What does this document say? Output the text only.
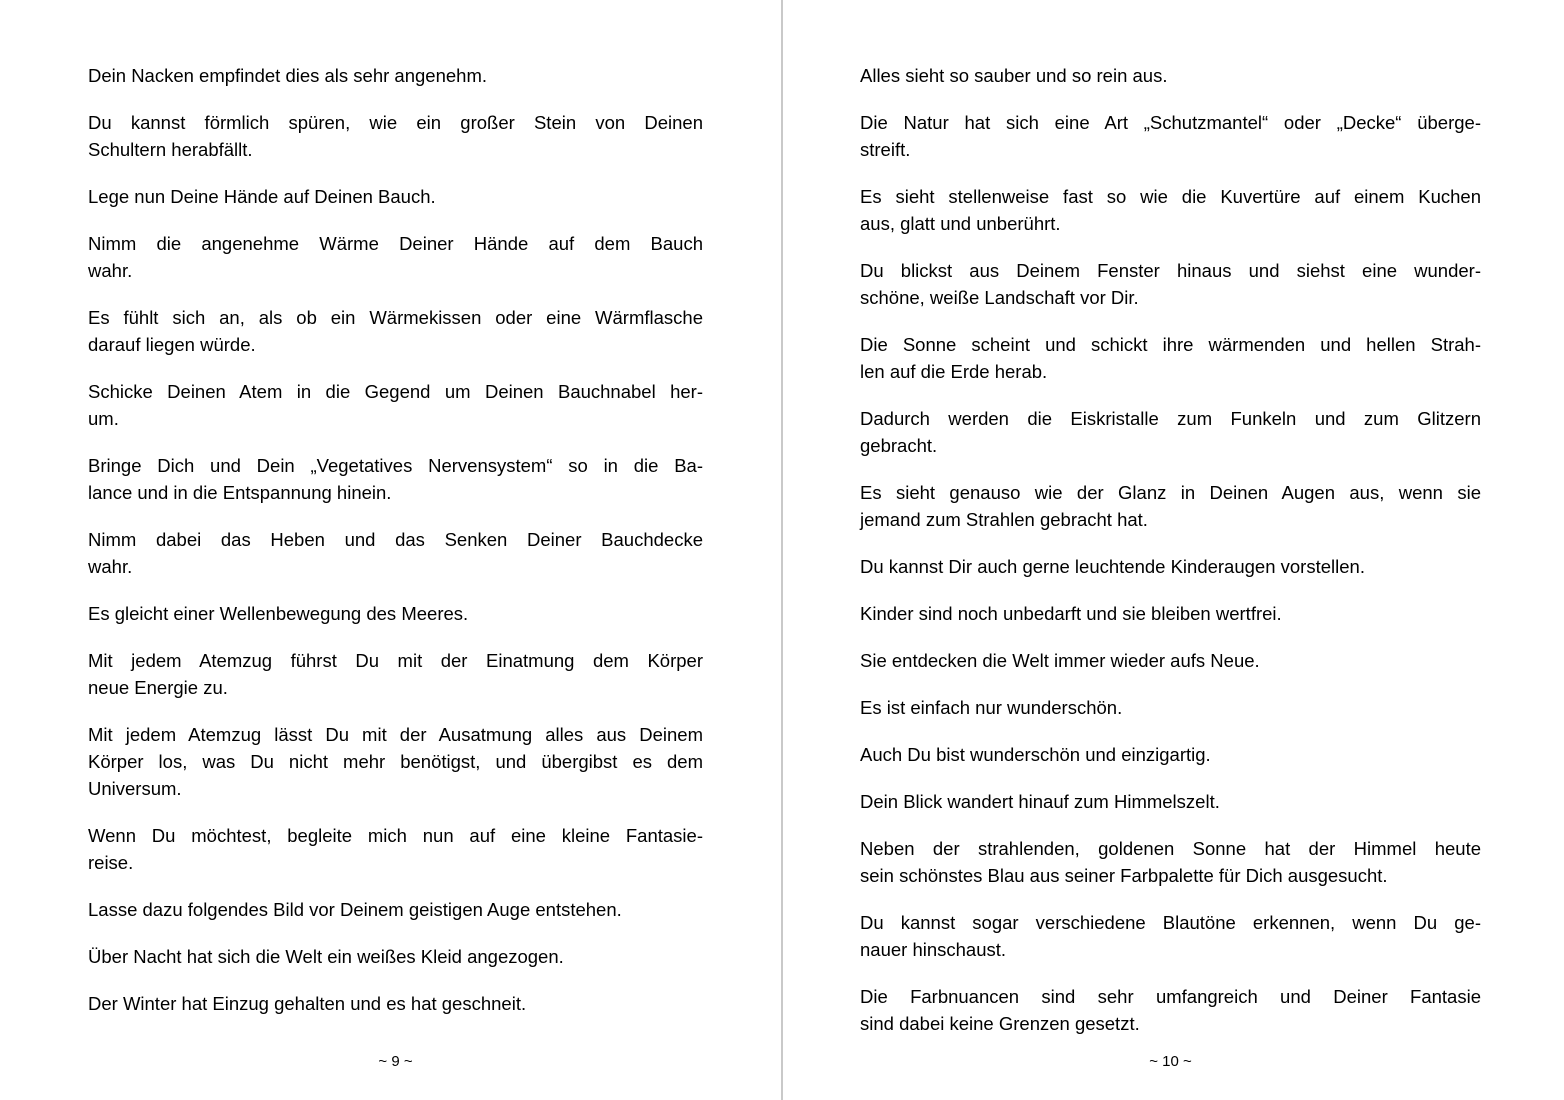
Dein Nacken empfindet dies als sehr angenehm.
Du kannst förmlich spüren, wie ein großer Stein von Deinen
Schultern herabfällt.
Lege nun Deine Hände auf Deinen Bauch.
Nimm die angenehme Wärme Deiner Hände auf dem Bauch
wahr.
Es fühlt sich an, als ob ein Wärmekissen oder eine Wärmflasche
darauf liegen würde.
Schicke Deinen Atem in die Gegend um Deinen Bauchnabel her-
um.
Bringe Dich und Dein „Vegetatives Nervensystem“ so in die Ba-
lance und in die Entspannung hinein.
Nimm dabei das Heben und das Senken Deiner Bauchdecke
wahr.
Es gleicht einer Wellenbewegung des Meeres.
Mit jedem Atemzug führst Du mit der Einatmung dem Körper
neue Energie zu.
Mit jedem Atemzug lässt Du mit der Ausatmung alles aus Deinem
Körper los, was Du nicht mehr benötigst, und übergibst es dem
Universum.
Wenn Du möchtest, begleite mich nun auf eine kleine Fantasie-
reise.
Lasse dazu folgendes Bild vor Deinem geistigen Auge entstehen.
Über Nacht hat sich die Welt ein weißes Kleid angezogen.
Der Winter hat Einzug gehalten und es hat geschneit.
~ 9 ~
Alles sieht so sauber und so rein aus.
Die Natur hat sich eine Art „Schutzmantel“ oder „Decke“ überge-
streift.
Es sieht stellenweise fast so wie die Kuvertüre auf einem Kuchen
aus, glatt und unberührt.
Du blickst aus Deinem Fenster hinaus und siehst eine wunder-
schöne, weiße Landschaft vor Dir.
Die Sonne scheint und schickt ihre wärmenden und hellen Strah-
len auf die Erde herab.
Dadurch werden die Eiskristalle zum Funkeln und zum Glitzern
gebracht.
Es sieht genauso wie der Glanz in Deinen Augen aus, wenn sie
jemand zum Strahlen gebracht hat.
Du kannst Dir auch gerne leuchtende Kinderaugen vorstellen.
Kinder sind noch unbedarft und sie bleiben wertfrei.
Sie entdecken die Welt immer wieder aufs Neue.
Es ist einfach nur wunderschön.
Auch Du bist wunderschön und einzigartig.
Dein Blick wandert hinauf zum Himmelszelt.
Neben der strahlenden, goldenen Sonne hat der Himmel heute
sein schönstes Blau aus seiner Farbpalette für Dich ausgesucht.
Du kannst sogar verschiedene Blautöne erkennen, wenn Du ge-
nauer hinschaust.
Die Farbnuancen sind sehr umfangreich und Deiner Fantasie
sind dabei keine Grenzen gesetzt.
~ 10 ~
